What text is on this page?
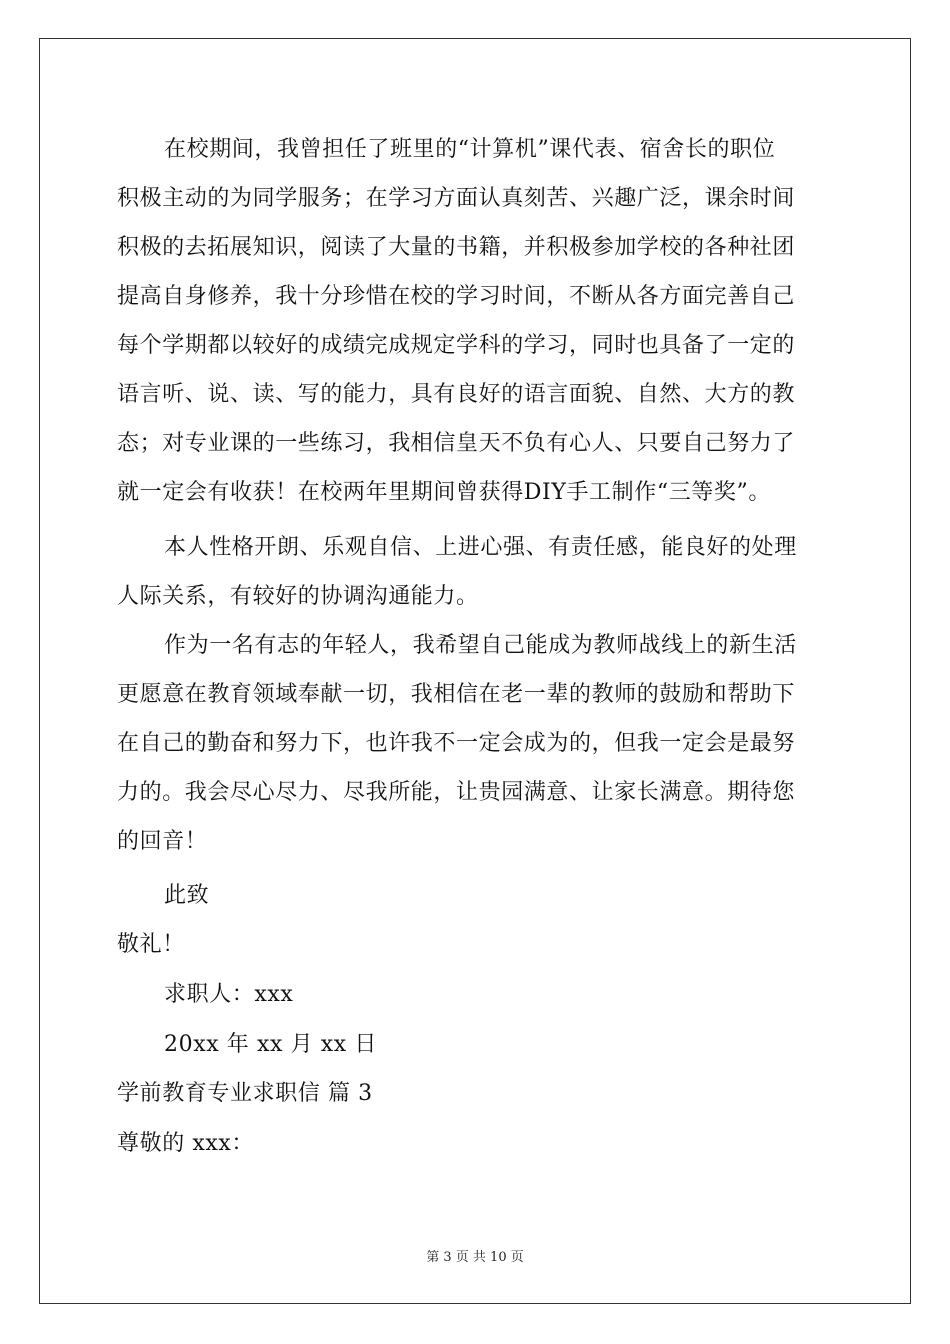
在校期间，我曾担任了班里的“计算机”课代表、宿舍长的职位
积极主动的为同学服务；在学习方面认真刻苦、兴趣广泛，课余时间
积极的去拓展知识，阅读了大量的书籍，并积极参加学校的各种社团
提高自身修养，我十分珍惜在校的学习时间，不断从各方面完善自己
每个学期都以较好的成绩完成规定学科的学习，同时也具备了一定的
语言听、说、读、写的能力，具有良好的语言面貌、自然、大方的教
态；对专业课的一些练习，我相信皇天不负有心人、只要自己努力了
就一定会有收获！在校两年里期间曾获得DIY手工制作“三等奖”。
本人性格开朗、乐观自信、上进心强、有责任感，能良好的处理
人际关系，有较好的协调沟通能力。
作为一名有志的年轻人，我希望自己能成为教师战线上的新生活
更愿意在教育领域奉献一切，我相信在老一辈的教师的鼓励和帮助下
在自己的勤奋和努力下，也许我不一定会成为的，但我一定会是最努
力的。我会尽心尽力、尽我所能，让贵园满意、让家长满意。期待您
的回音！
此致
敬礼！
求职人：xxx
20xx 年 xx 月 xx 日
学前教育专业求职信 篇 3
尊敬的 xxx：
第 3 页 共 10 页
